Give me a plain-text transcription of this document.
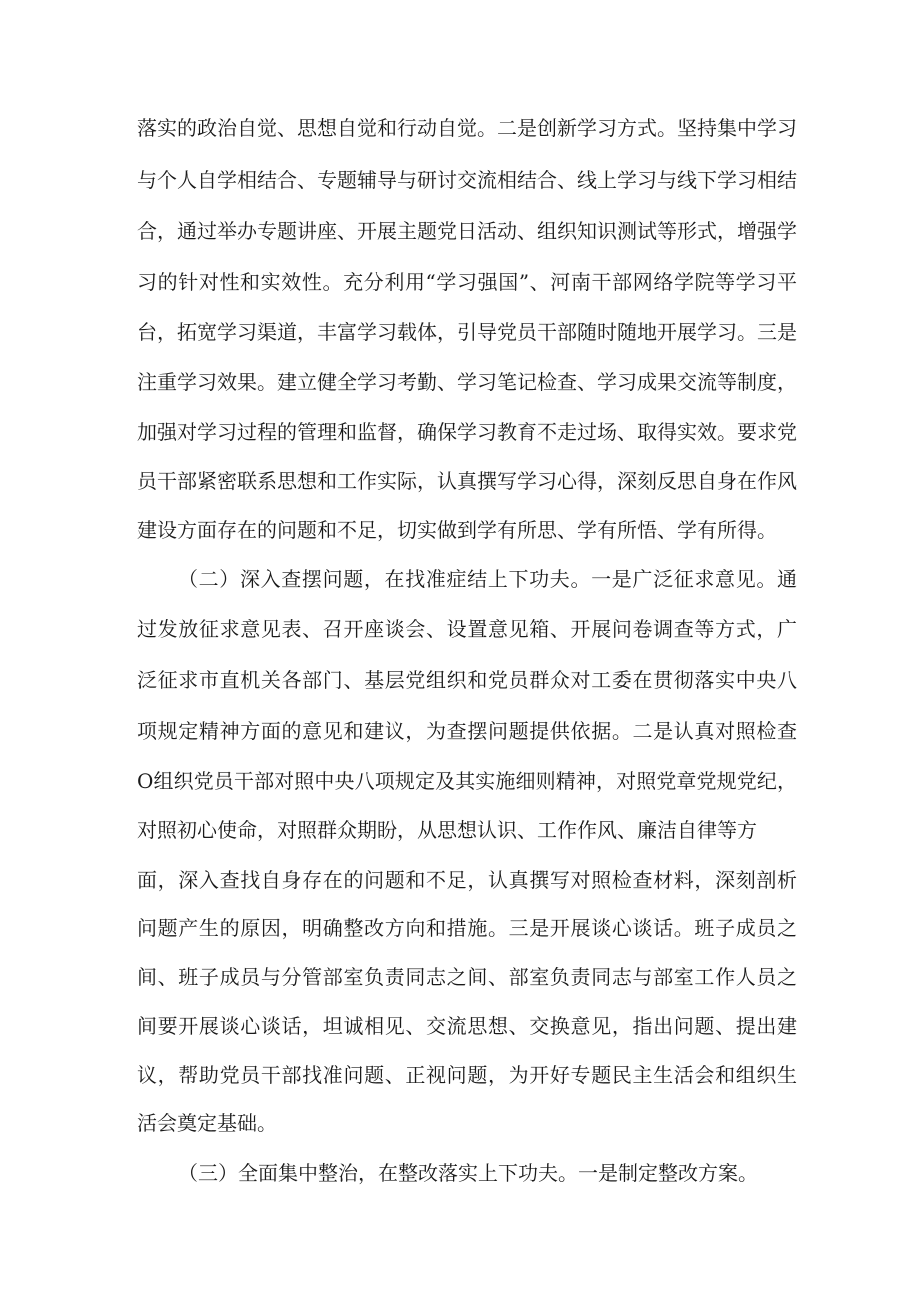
落实的政治自觉、思想自觉和行动自觉。二是创新学习方式。坚持集中学习
与个人自学相结合、专题辅导与研讨交流相结合、线上学习与线下学习相结
合，通过举办专题讲座、开展主题党日活动、组织知识测试等形式，增强学
习的针对性和实效性。充分利用“学习强国”、河南干部网络学院等学习平
台，拓宽学习渠道，丰富学习载体，引导党员干部随时随地开展学习。三是
注重学习效果。建立健全学习考勤、学习笔记检查、学习成果交流等制度，
加强对学习过程的管理和监督，确保学习教育不走过场、取得实效。要求党
员干部紧密联系思想和工作实际，认真撰写学习心得，深刻反思自身在作风
建设方面存在的问题和不足，切实做到学有所思、学有所悟、学有所得。
（二）深入查摆问题，在找准症结上下功夫。一是广泛征求意见。通
过发放征求意见表、召开座谈会、设置意见箱、开展问卷调查等方式，广
泛征求市直机关各部门、基层党组织和党员群众对工委在贯彻落实中央八
项规定精神方面的意见和建议，为查摆问题提供依据。二是认真对照检查
O组织党员干部对照中央八项规定及其实施细则精神，对照党章党规党纪，
对照初心使命，对照群众期盼，从思想认识、工作作风、廉洁自律等方
面，深入查找自身存在的问题和不足，认真撰写对照检查材料，深刻剖析
问题产生的原因，明确整改方向和措施。三是开展谈心谈话。班子成员之
间、班子成员与分管部室负责同志之间、部室负责同志与部室工作人员之
间要开展谈心谈话，坦诚相见、交流思想、交换意见，指出问题、提出建
议，帮助党员干部找准问题、正视问题，为开好专题民主生活会和组织生
活会奠定基础。
（三）全面集中整治，在整改落实上下功夫。一是制定整改方案。
